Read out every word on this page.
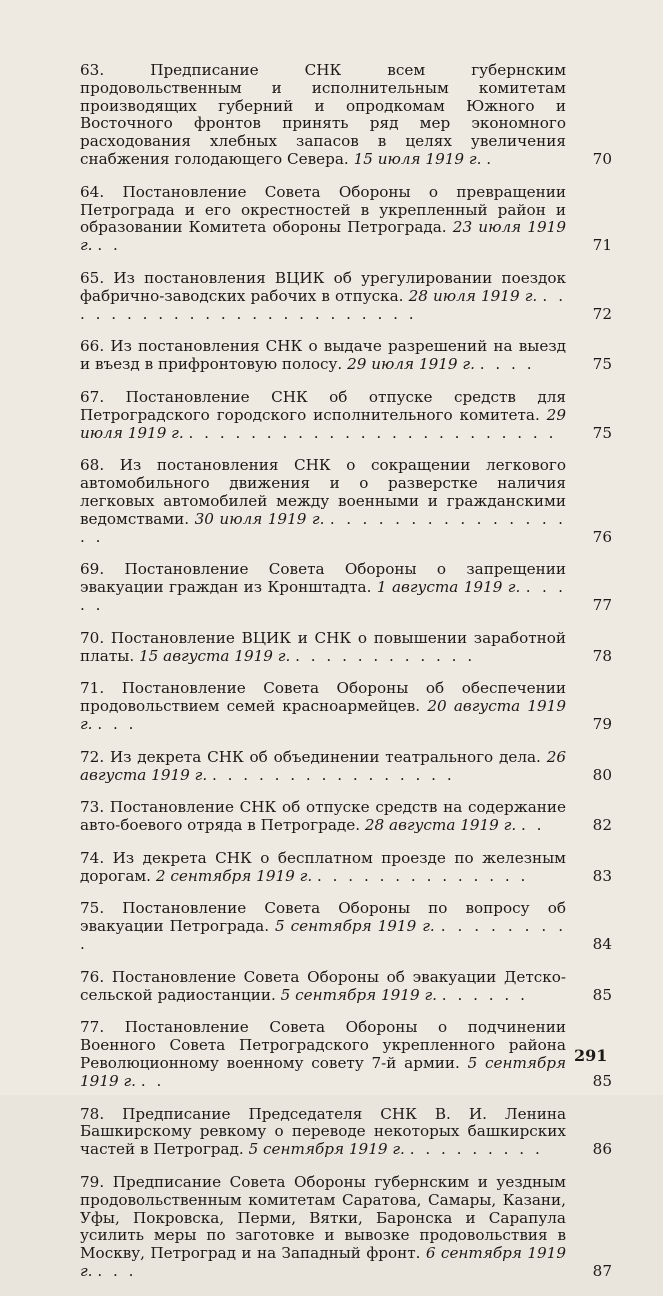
63.	Предписание СНК всем губернским продовольственным и исполнительным комитетам производящих губерний и опродкомам Южного и Восточного фронтов принять ряд мер экономного расходования хлебных запасов в целях увеличения снабжения голодающего Севера. 15 июля 1919 г. .	70
64. Постановление Совета Обороны о превращении Петрограда и его окрестностей в укрепленный район и образовании Комитета обороны Петрограда. 23 июля 1919 г. . .	71
65. Из постановления ВЦИК об урегулировании поездок фабрично-заводских рабочих в отпуска. 28 июля 1919 г. . . . . . . . . . . . . . . . . . . . . . . . .	72
66. Из постановления СНК о выдаче разрешений на выезд и въезд в прифронтовую полосу. 29 июля 1919 г. . . . .	75
67. Постановление СНК об отпуске средств для Петроградского городского исполнительного комитета. 29 июля 1919 г. . . . . . . . . . . . . . . . . . . . . . . . .	75
68. Из постановления СНК о сокращении легкового автомобильного движения и о разверстке наличия легковых автомобилей между военными и гражданскими ведомствами. 30 июля 1919 г. . . . . . . . . . . . . . . . . .	76
69. Постановление Совета Обороны о запрещении эвакуации граждан из Кронштадта. 1 августа 1919 г. . . . . .	77
70. Постановление ВЦИК и СНК о повышении заработной платы. 15 августа 1919 г. . . . . . . . . . . . .	78
71. Постановление Совета Обороны об обеспечении продовольствием семей красноармейцев. 20 августа 1919 г. . . .	79
72. Из декрета СНК об объединении театрального дела. 26 августа 1919 г. . . . . . . . . . . . . . . . .	80
73. Постановление СНК об отпуске средств на содержание авто-боевого отряда в Петрограде. 28 августа 1919 г. . .	82
74. Из декрета СНК о бесплатном проезде по железным дорогам. 2 сентября 1919 г. . . . . . . . . . . . . . .	83
75. Постановление Совета Обороны по вопросу об эвакуации Петрограда. 5 сентября 1919 г. . . . . . . . . .	84
76. Постановление Совета Обороны об эвакуации Детско-сельской радиостанции. 5 сентября 1919 г. . . . . . .	85
77. Постановление Совета Обороны о подчинении Военного Совета Петроградского укрепленного района Революционному военному совету 7-й армии. 5 сентября 1919 г. . .	85
78. Предписание Председателя СНК В. И. Ленина Башкирскому ревкому о переводе некоторых башкирских частей в Петроград. 5 сентября 1919 г. . . . . . . . . .	86
79. Предписание Совета Обороны губернским и уездным продовольственным комитетам Саратова, Самары, Казани, Уфы, Покровска, Перми, Вятки, Баронска и Сарапула усилить меры по заготовке и вывозке продовольствия в Москву, Петроград и на Западный фронт. 6 сентября 1919 г. . . .	87
291
